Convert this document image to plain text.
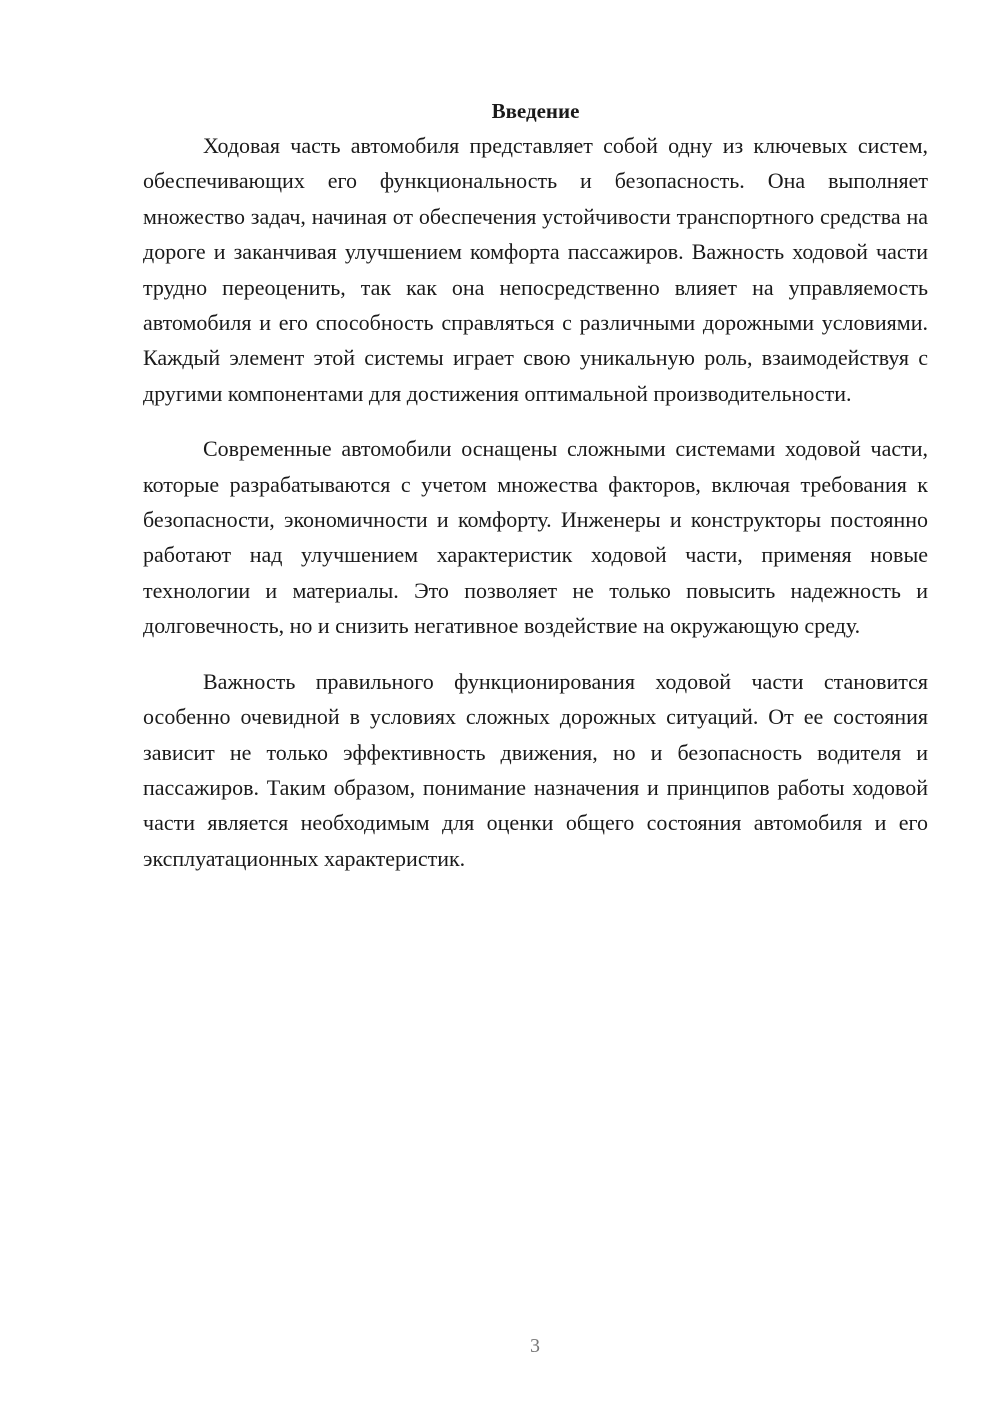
Введение

Ходовая часть автомобиля представляет собой одну из ключевых систем, обеспечивающих его функциональность и безопасность. Она выполняет множество задач, начиная от обеспечения устойчивости транспортного средства на дороге и заканчивая улучшением комфорта пассажиров. Важность ходовой части трудно переоценить, так как она непосредственно влияет на управляемость автомобиля и его способность справляться с различными дорожными условиями. Каждый элемент этой системы играет свою уникальную роль, взаимодействуя с другими компонентами для достижения оптимальной производительности.

Современные автомобили оснащены сложными системами ходовой части, которые разрабатываются с учетом множества факторов, включая требования к безопасности, экономичности и комфорту. Инженеры и конструкторы постоянно работают над улучшением характеристик ходовой части, применяя новые технологии и материалы. Это позволяет не только повысить надежность и долговечность, но и снизить негативное воздействие на окружающую среду.

Важность правильного функционирования ходовой части становится особенно очевидной в условиях сложных дорожных ситуаций. От ее состояния зависит не только эффективность движения, но и безопасность водителя и пассажиров. Таким образом, понимание назначения и принципов работы ходовой части является необходимым для оценки общего состояния автомобиля и его эксплуатационных характеристик.

3
